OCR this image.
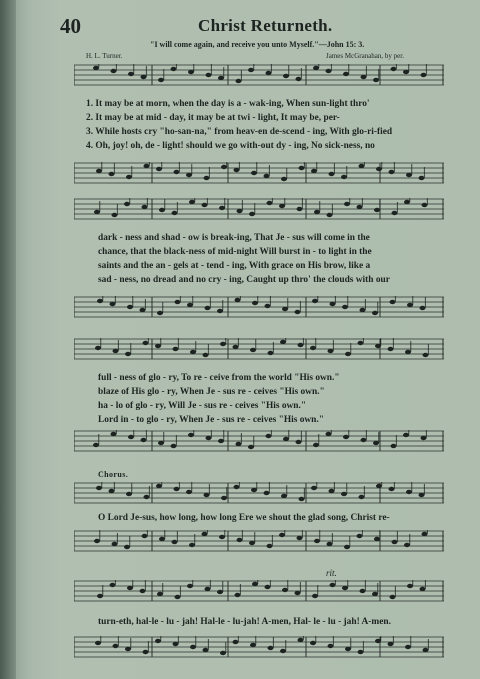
40	Christ Returneth.
"I will come again, and receive you unto Myself."—John 15: 3.
H. L. Turner.	James McGranahan, by per.
1. It may be at morn, when the day is a - wak-ing, When sun-light thro'
2. It may be at mid - day, it may be at twi - light, It may be, per-
3. While hosts cry "ho-san-na," from heav-en de-scend - ing, With glo-ri-fied
4. Oh, joy! oh, de - light! should we go with-out dy - ing, No sick-ness, no
dark - ness and shad - ow is break-ing, That Je - sus will come in the
chance, that the black-ness of mid-night Will burst in - to light in the
saints and the an - gels at - tend - ing, With grace on His brow, like a
sad - ness, no dread and no cry - ing, Caught up thro' the clouds with our
full - ness of glo - ry, To re - ceive from the world "His own."
blaze of His glo - ry, When Je - sus re - ceives "His own."
ha - lo of glo - ry, Will Je - sus re - ceives "His own."
Lord in - to glo - ry, When Je - sus re - ceives "His own."
Chorus.
O Lord Je-sus, how long, how long Ere we shout the glad song, Christ re-
rit.
turn-eth, hal-le - lu - jah! Hal-le - lu-jah! A-men, Hal- le - lu - jah! A-men.
